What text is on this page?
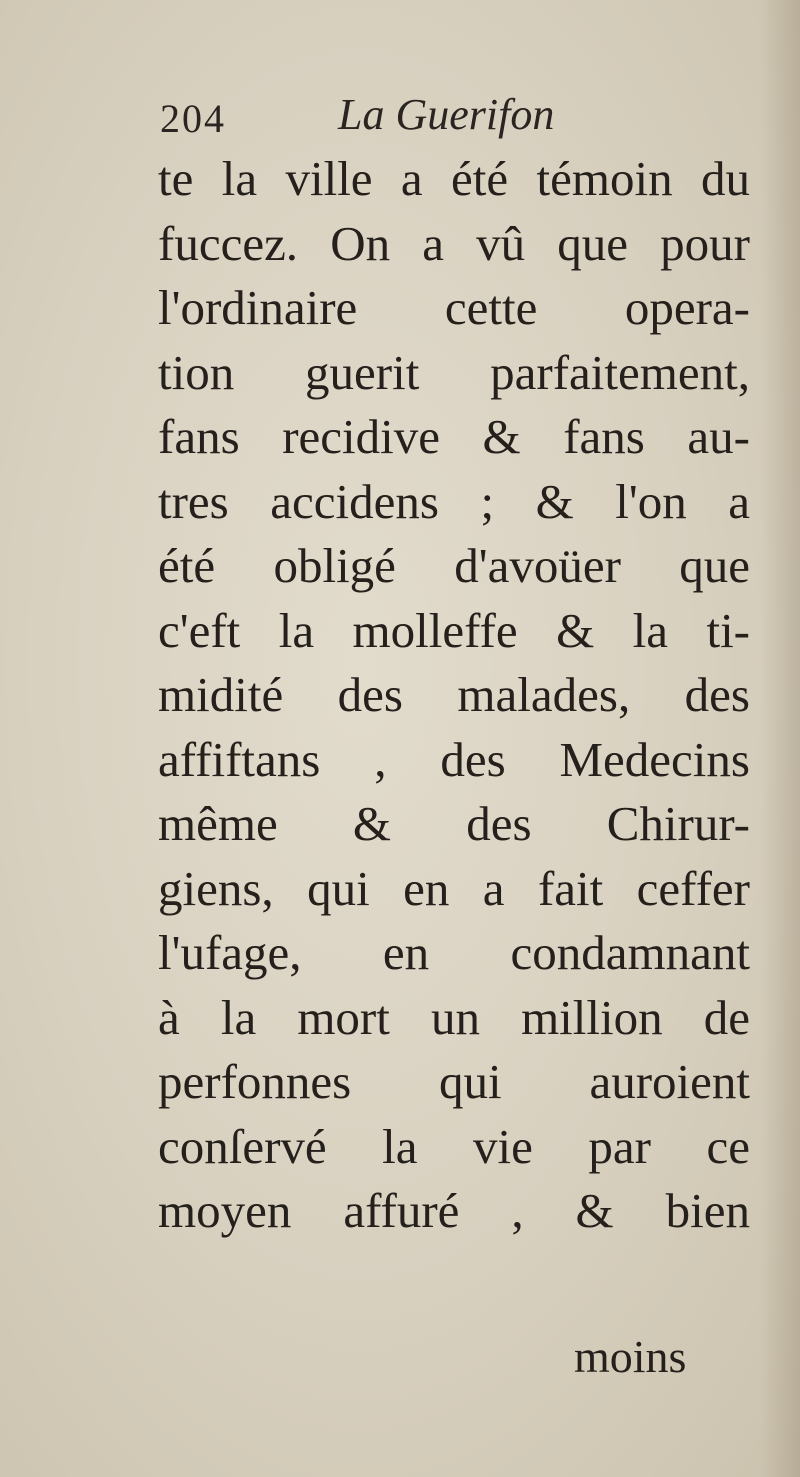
204	La Guerifon
te la ville a été témoin du
fuccez. On a vû que pour
l'ordinaire cette opera-
tion guerit parfaitement,
fans recidive & fans au-
tres accidens ; & l'on a
été obligé d'avoüer que
c'eft la molleffe & la ti-
midité des malades, des
affiftans , des Medecins
même & des Chirur-
giens, qui en a fait ceffer
l'ufage, en condamnant
à la mort un million de
perfonnes qui auroient
conſervé la vie par ce
moyen affuré , & bien
moins
